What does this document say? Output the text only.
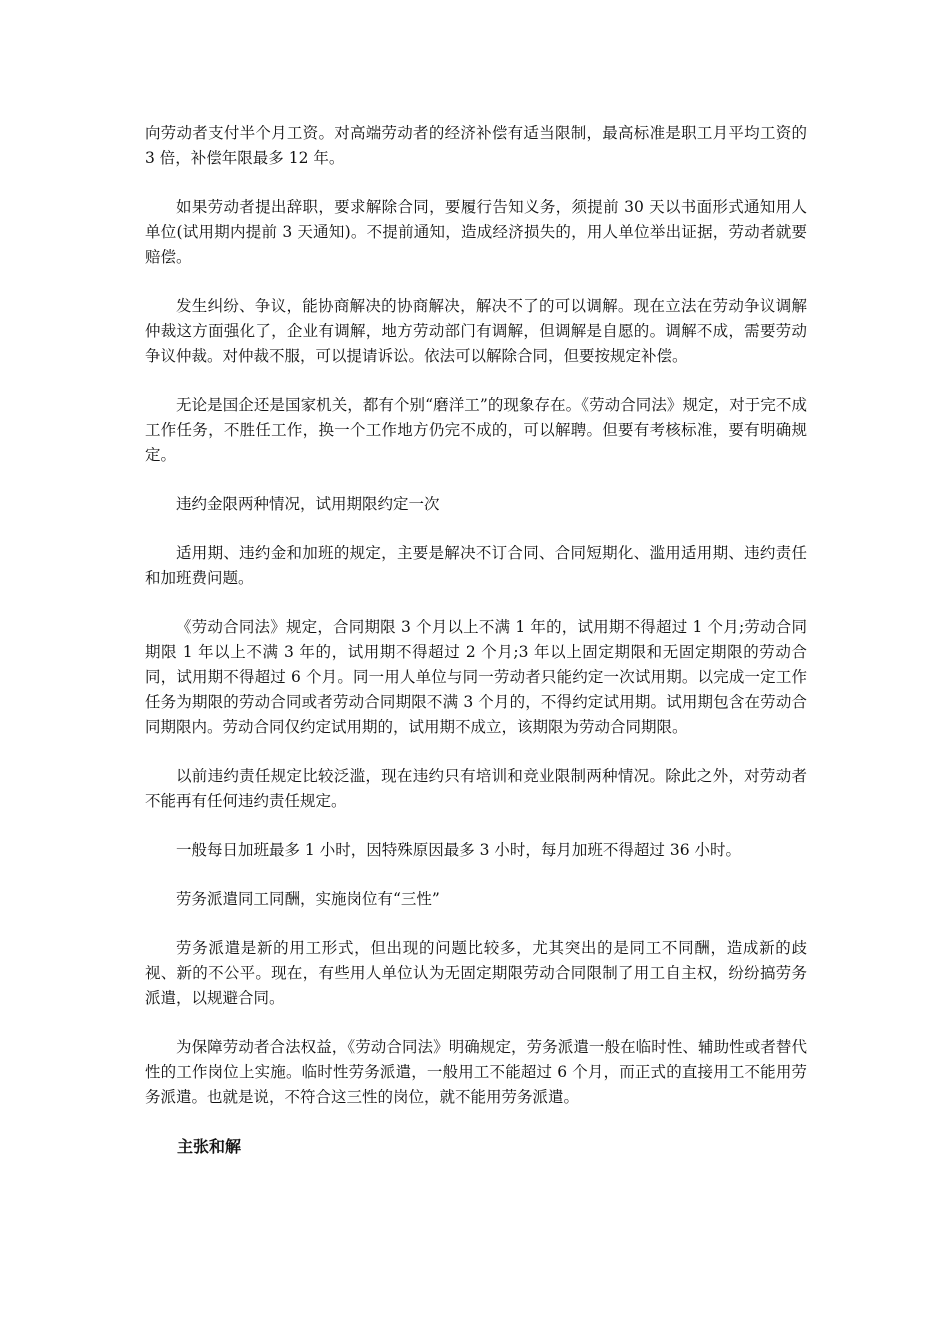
向劳动者支付半个月工资。对高端劳动者的经济补偿有适当限制，最高标准是职工月平均工资的 3 倍，补偿年限最多 12 年。

如果劳动者提出辞职，要求解除合同，要履行告知义务，须提前 30 天以书面形式通知用人单位(试用期内提前 3 天通知)。不提前通知，造成经济损失的，用人单位举出证据，劳动者就要赔偿。

发生纠纷、争议，能协商解决的协商解决，解决不了的可以调解。现在立法在劳动争议调解仲裁这方面强化了，企业有调解，地方劳动部门有调解，但调解是自愿的。调解不成，需要劳动争议仲裁。对仲裁不服，可以提请诉讼。依法可以解除合同，但要按规定补偿。

无论是国企还是国家机关，都有个别“磨洋工”的现象存在。《劳动合同法》规定，对于完不成工作任务，不胜任工作，换一个工作地方仍完不成的，可以解聘。但要有考核标准，要有明确规定。

违约金限两种情况，试用期限约定一次

适用期、违约金和加班的规定，主要是解决不订合同、合同短期化、滥用适用期、违约责任和加班费问题。

《劳动合同法》规定，合同期限 3 个月以上不满 1 年的，试用期不得超过 1 个月;劳动合同期限 1 年以上不满 3 年的，试用期不得超过 2 个月;3 年以上固定期限和无固定期限的劳动合同，试用期不得超过 6 个月。同一用人单位与同一劳动者只能约定一次试用期。以完成一定工作任务为期限的劳动合同或者劳动合同期限不满 3 个月的，不得约定试用期。试用期包含在劳动合同期限内。劳动合同仅约定试用期的，试用期不成立，该期限为劳动合同期限。

以前违约责任规定比较泛滥，现在违约只有培训和竞业限制两种情况。除此之外，对劳动者不能再有任何违约责任规定。

一般每日加班最多 1 小时，因特殊原因最多 3 小时，每月加班不得超过 36 小时。

劳务派遣同工同酬，实施岗位有“三性”

劳务派遣是新的用工形式，但出现的问题比较多，尤其突出的是同工不同酬，造成新的歧视、新的不公平。现在，有些用人单位认为无固定期限劳动合同限制了用工自主权，纷纷搞劳务派遣，以规避合同。

为保障劳动者合法权益，《劳动合同法》明确规定，劳务派遣一般在临时性、辅助性或者替代性的工作岗位上实施。临时性劳务派遣，一般用工不能超过 6 个月，而正式的直接用工不能用劳务派遣。也就是说，不符合这三性的岗位，就不能用劳务派遣。

主张和解
